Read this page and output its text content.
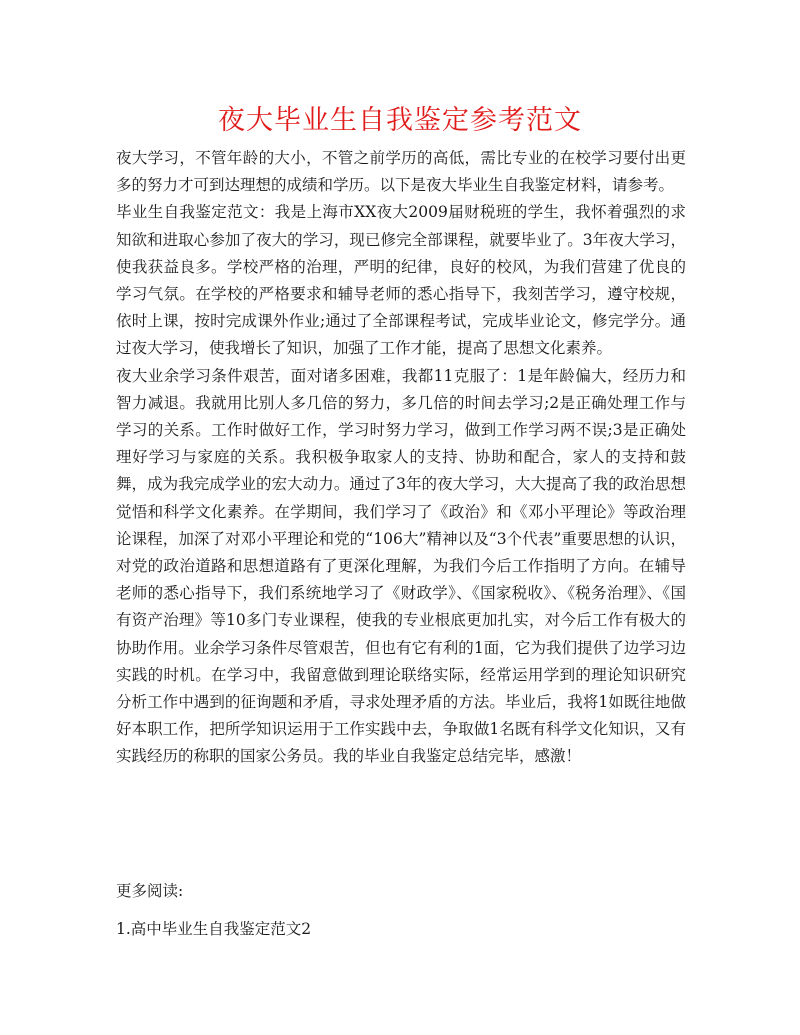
夜大毕业生自我鉴定参考范文

夜大学习，不管年龄的大小，不管之前学历的高低，需比专业的在校学习要付出更多的努力才可到达理想的成绩和学历。以下是夜大毕业生自我鉴定材料，请参考。

毕业生自我鉴定范文：我是上海市XX夜大2009届财税班的学生，我怀着强烈的求知欲和进取心参加了夜大的学习，现已修完全部课程，就要毕业了。3年夜大学习，使我获益良多。学校严格的治理，严明的纪律，良好的校风，为我们营建了优良的学习气氛。在学校的严格要求和辅导老师的悉心指导下，我刻苦学习，遵守校规，依时上课，按时完成课外作业;通过了全部课程考试，完成毕业论文，修完学分。通过夜大学习，使我增长了知识，加强了工作才能，提高了思想文化素养。

夜大业余学习条件艰苦，面对诸多困难，我都11克服了：1是年龄偏大，经历力和智力减退。我就用比别人多几倍的努力，多几倍的时间去学习;2是正确处理工作与学习的关系。工作时做好工作，学习时努力学习，做到工作学习两不误;3是正确处理好学习与家庭的关系。我积极争取家人的支持、协助和配合，家人的支持和鼓舞，成为我完成学业的宏大动力。通过了3年的夜大学习，大大提高了我的政治思想觉悟和科学文化素养。在学期间，我们学习了《政治》和《邓小平理论》等政治理论课程，加深了对邓小平理论和党的“106大”精神以及“3个代表”重要思想的认识，对党的政治道路和思想道路有了更深化理解，为我们今后工作指明了方向。在辅导老师的悉心指导下，我们系统地学习了《财政学》、《国家税收》、《税务治理》、《国有资产治理》等10多门专业课程，使我的专业根底更加扎实，对今后工作有极大的协助作用。业余学习条件尽管艰苦，但也有它有利的1面，它为我们提供了边学习边实践的时机。在学习中，我留意做到理论联络实际，经常运用学到的理论知识研究分析工作中遇到的征询题和矛盾，寻求处理矛盾的方法。毕业后，我将1如既往地做好本职工作，把所学知识运用于工作实践中去，争取做1名既有科学文化知识，又有实践经历的称职的国家公务员。我的毕业自我鉴定总结完毕，感激！

更多阅读:

1.高中毕业生自我鉴定范文2
